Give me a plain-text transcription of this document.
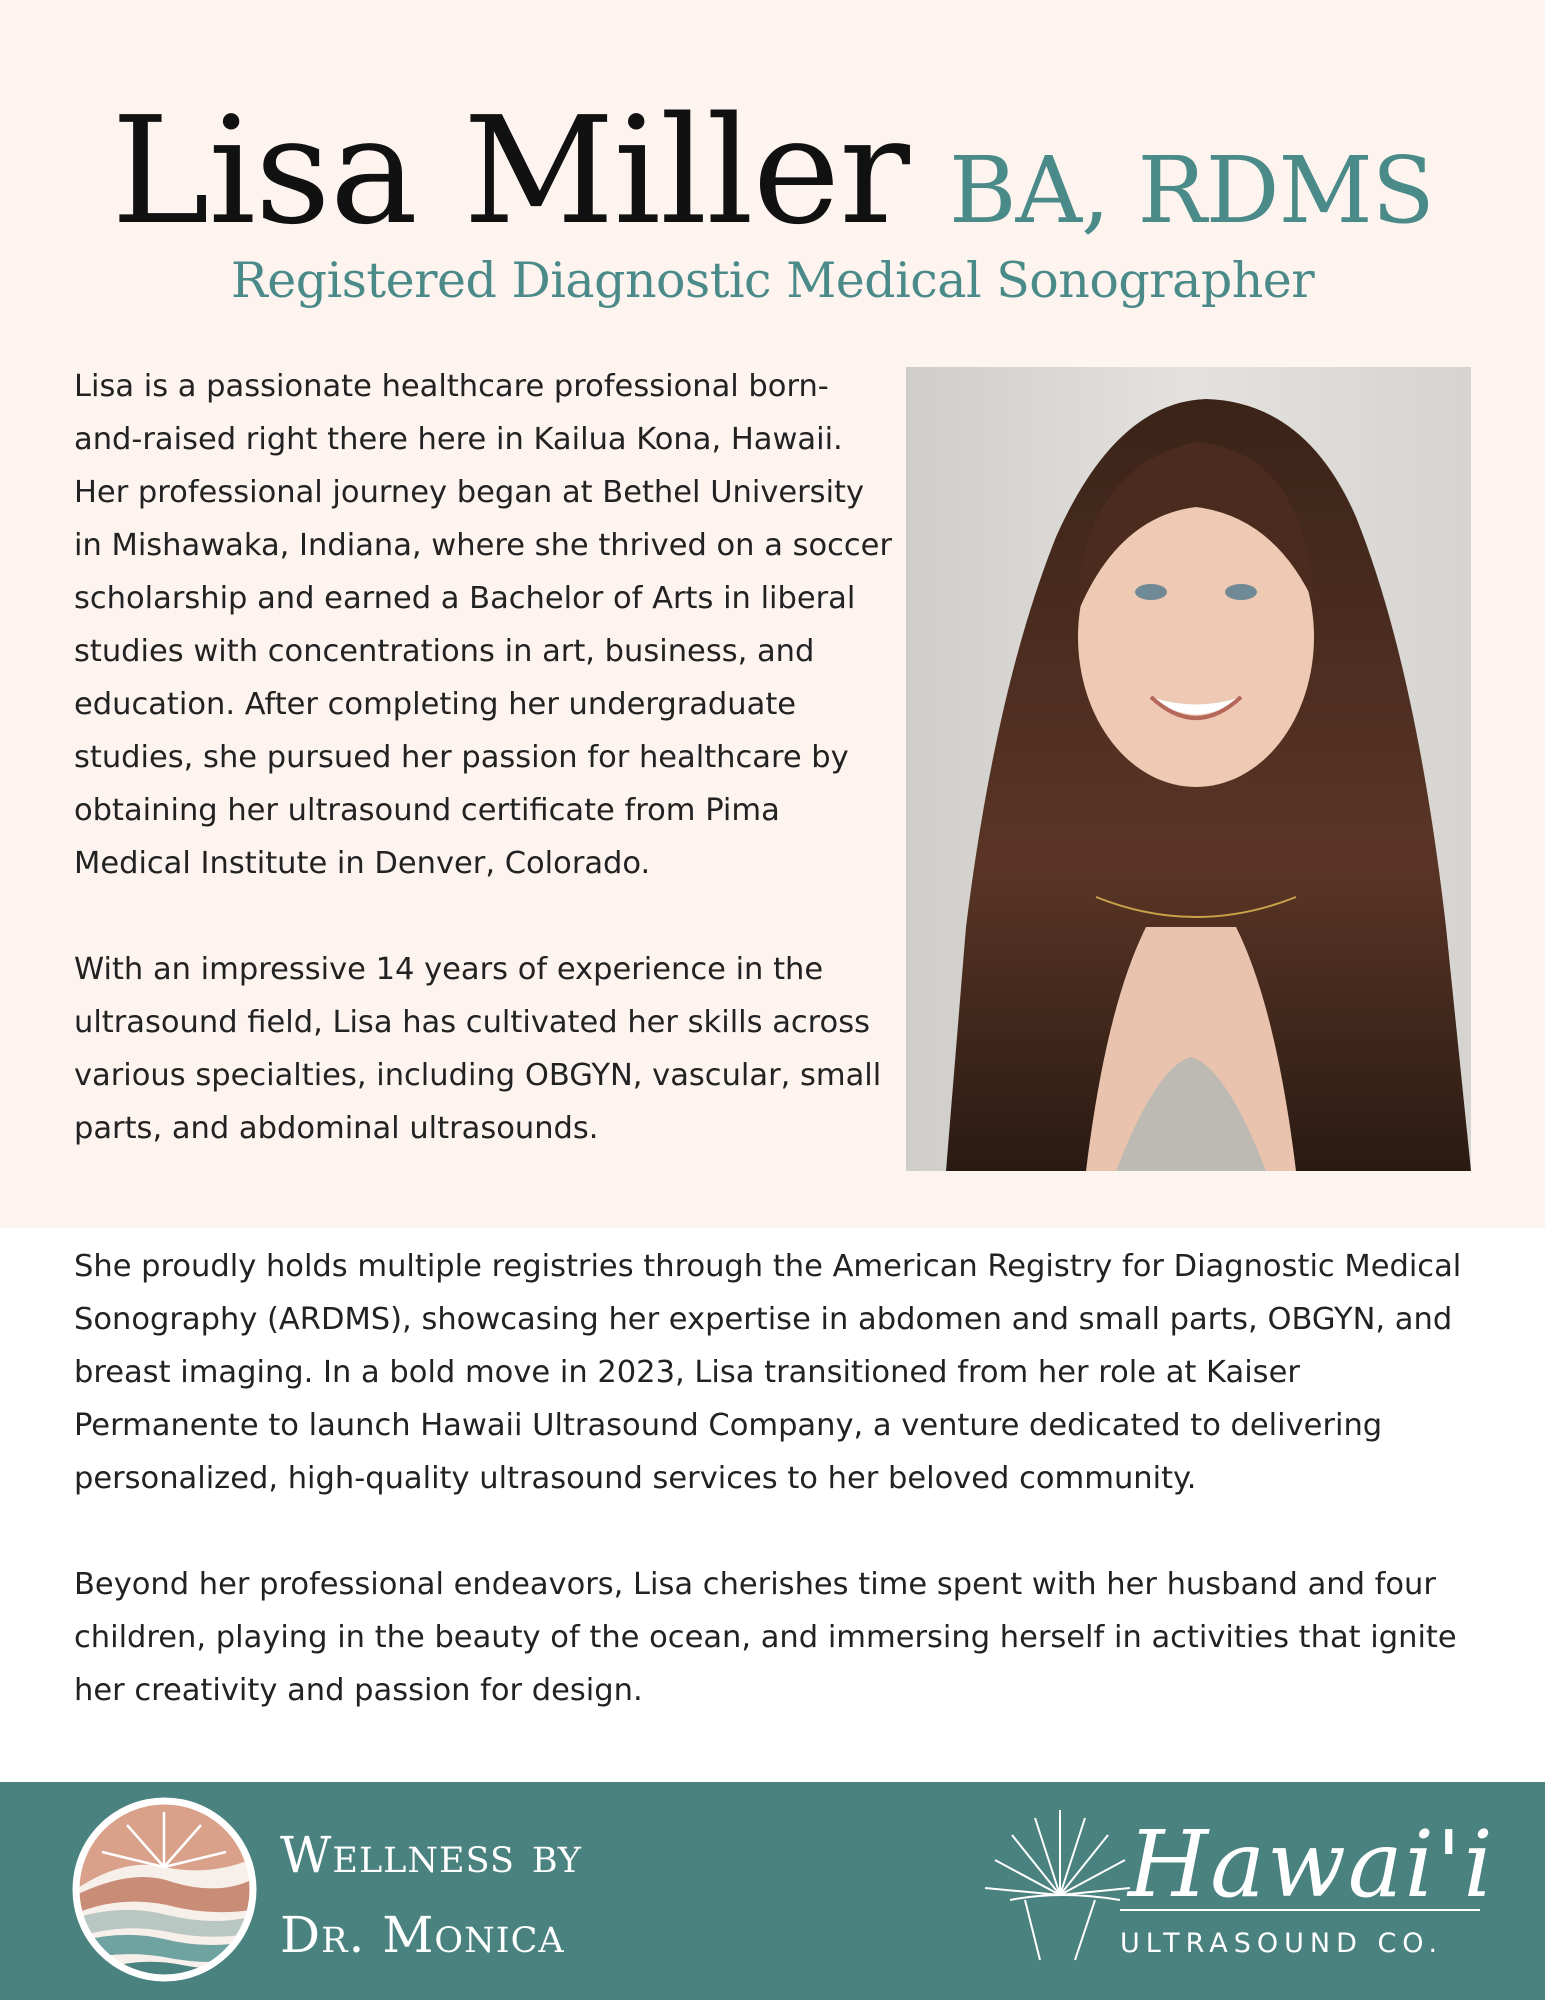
Lisa Miller BA, RDMS
Registered Diagnostic Medical Sonographer

Lisa is a passionate healthcare professional born-and-raised right there here in Kailua Kona, Hawaii. Her professional journey began at Bethel University in Mishawaka, Indiana, where she thrived on a soccer scholarship and earned a Bachelor of Arts in liberal studies with concentrations in art, business, and education. After completing her undergraduate studies, she pursued her passion for healthcare by obtaining her ultrasound certificate from Pima Medical Institute in Denver, Colorado.

With an impressive 14 years of experience in the ultrasound field, Lisa has cultivated her skills across various specialties, including OBGYN, vascular, small parts, and abdominal ultrasounds.

She proudly holds multiple registries through the American Registry for Diagnostic Medical Sonography (ARDMS), showcasing her expertise in abdomen and small parts, OBGYN, and breast imaging. In a bold move in 2023, Lisa transitioned from her role at Kaiser Permanente to launch Hawaii Ultrasound Company, a venture dedicated to delivering personalized, high-quality ultrasound services to her beloved community.

Beyond her professional endeavors, Lisa cherishes time spent with her husband and four children, playing in the beauty of the ocean, and immersing herself in activities that ignite her creativity and passion for design.

Wellness by
Dr. Monica
Hawai'i
ULTRASOUND CO.
